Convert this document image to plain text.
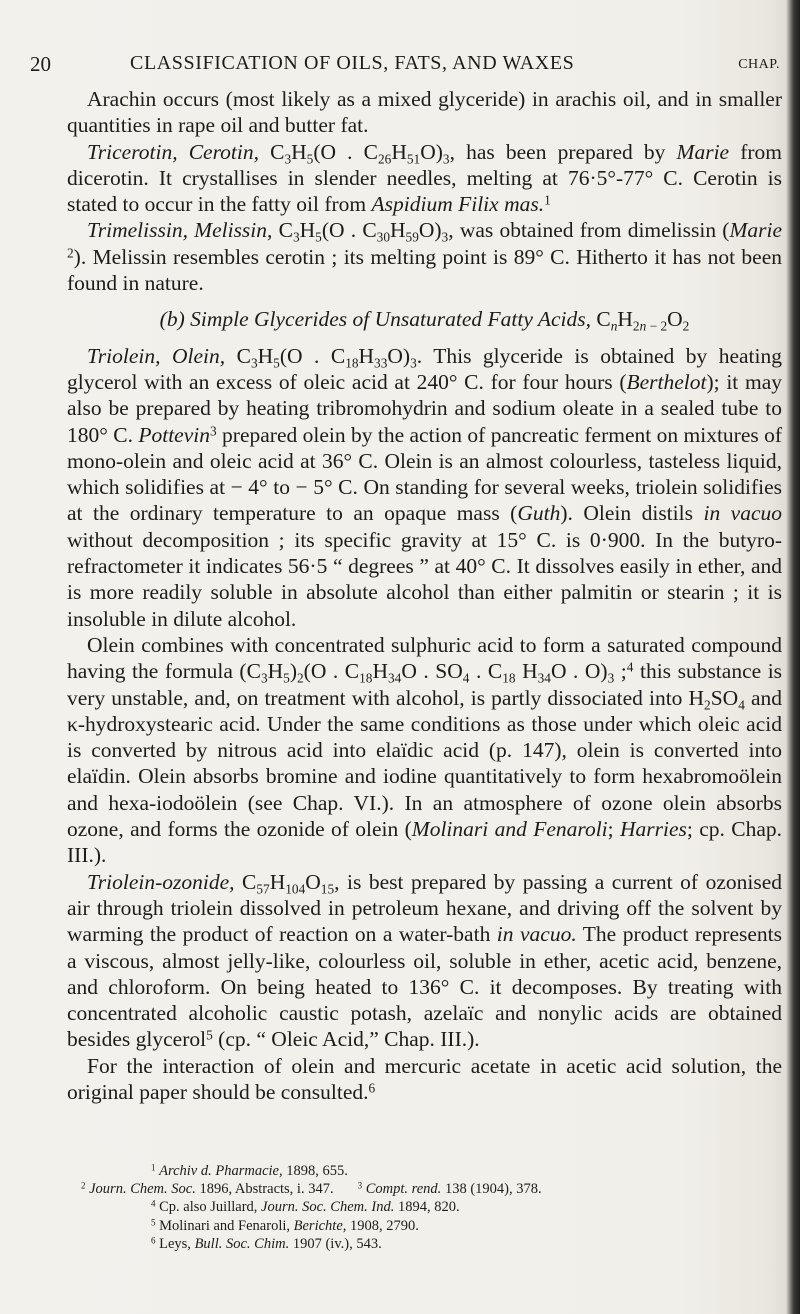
20	CLASSIFICATION OF OILS, FATS, AND WAXES	CHAP.

Arachin occurs (most likely as a mixed glyceride) in arachis oil, and in smaller quantities in rape oil and butter fat.

Tricerotin, Cerotin, $C_3H_5(O$ . $C_{26}H_{51}O)_3$, has been prepared by Marie from dicerotin. It crystallises in slender needles, melting at 76·5°-77° C. Cerotin is stated to occur in the fatty oil from Aspidium Filix mas.$^1$

Trimelissin, Melissin, $C_3H_5(O$ . $C_{30}H_{59}O)_3$, was obtained from dimelissin (Marie $^2$). Melissin resembles cerotin ; its melting point is 89° C. Hitherto it has not been found in nature.

(b) Simple Glycerides of Unsaturated Fatty Acids, $C_nH_{2n - 2}O_2$

Triolein, Olein, $C_3H_5(O$ . $C_{18}H_{33}O)_3$. This glyceride is obtained by heating glycerol with an excess of oleic acid at 240° C. for four hours (Berthelot); it may also be prepared by heating tribromohydrin and sodium oleate in a sealed tube to 180° C. Pottevin$^3$ prepared olein by the action of pancreatic ferment on mixtures of mono-olein and oleic acid at 36° C. Olein is an almost colourless, tasteless liquid, which solidifies at − 4° to − 5° C. On standing for several weeks, triolein solidifies at the ordinary temperature to an opaque mass (Guth). Olein distils in vacuo without decomposition ; its specific gravity at 15° C. is 0·900. In the butyro-refractometer it indicates 56·5 “ degrees ” at 40° C. It dissolves easily in ether, and is more readily soluble in absolute alcohol than either palmitin or stearin ; it is insoluble in dilute alcohol.

Olein combines with concentrated sulphuric acid to form a saturated compound having the formula $(C_3H_5)_2(O$ . $C_{18}H_{34}O$ . $SO_4$ . $C_{18}$ $H_{34}O$ . $O)_3$ ;$^4$ this substance is very unstable, and, on treatment with alcohol, is partly dissociated into $H_2SO_4$ and κ-hydroxystearic acid. Under the same conditions as those under which oleic acid is converted by nitrous acid into elaïdic acid (p. 147), olein is converted into elaïdin. Olein absorbs bromine and iodine quantitatively to form hexabromoölein and hexa-iodoölein (see Chap. VI.). In an atmosphere of ozone olein absorbs ozone, and forms the ozonide of olein (Molinari and Fenaroli; Harries; cp. Chap. III.).

Triolein-ozonide, $C_{57}H_{104}O_{15}$, is best prepared by passing a current of ozonised air through triolein dissolved in petroleum hexane, and driving off the solvent by warming the product of reaction on a water-bath in vacuo. The product represents a viscous, almost jelly-like, colourless oil, soluble in ether, acetic acid, benzene, and chloroform. On being heated to 136° C. it decomposes. By treating with concentrated alcoholic caustic potash, azelaïc and nonylic acids are obtained besides glycerol$^5$ (cp. “ Oleic Acid,” Chap. III.).

For the interaction of olein and mercuric acetate in acetic acid solution, the original paper should be consulted.$^6$

$^1$ Archiv d. Pharmacie, 1898, 655.
$^2$ Journ. Chem. Soc. 1896, Abstracts, i. 347.	$^3$ Compt. rend. 138 (1904), 378.
$^4$ Cp. also Juillard, Journ. Soc. Chem. Ind. 1894, 820.
$^5$ Molinari and Fenaroli, Berichte, 1908, 2790.
$^6$ Leys, Bull. Soc. Chim. 1907 (iv.), 543.
